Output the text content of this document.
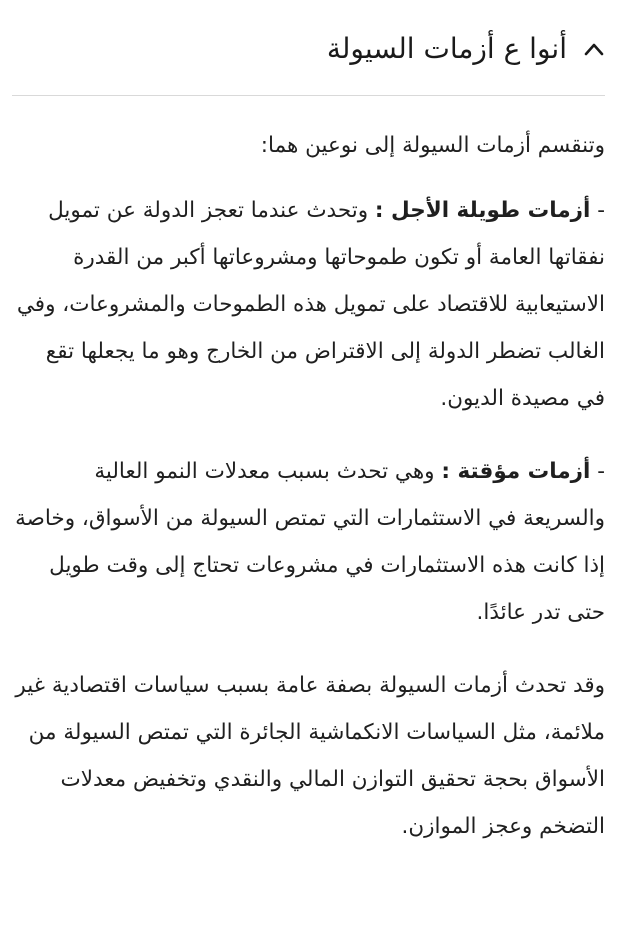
أنوا ع أزمات السيولة

وتنقسم أزمات السيولة إلى نوعين هما:

- أزمات طويلة الأجل : وتحدث عندما تعجز الدولة عن تمويل نفقاتها العامة أو تكون طموحاتها ومشروعاتها أكبر من القدرة الاستيعابية للاقتصاد على تمويل هذه الطموحات والمشروعات، وفي الغالب تضطر الدولة إلى الاقتراض من الخارج وهو ما يجعلها تقع في مصيدة الديون.

- أزمات مؤقتة : وهي تحدث بسبب معدلات النمو العالية والسريعة في الاستثمارات التي تمتص السيولة من الأسواق، وخاصة إذا كانت هذه الاستثمارات في مشروعات تحتاج إلى وقت طويل حتى تدر عائدًا.

وقد تحدث أزمات السيولة بصفة عامة بسبب سياسات اقتصادية غير ملائمة، مثل السياسات الانكماشية الجائرة التي تمتص السيولة من الأسواق بحجة تحقيق التوازن المالي والنقدي وتخفيض معدلات التضخم وعجز الموازن.
